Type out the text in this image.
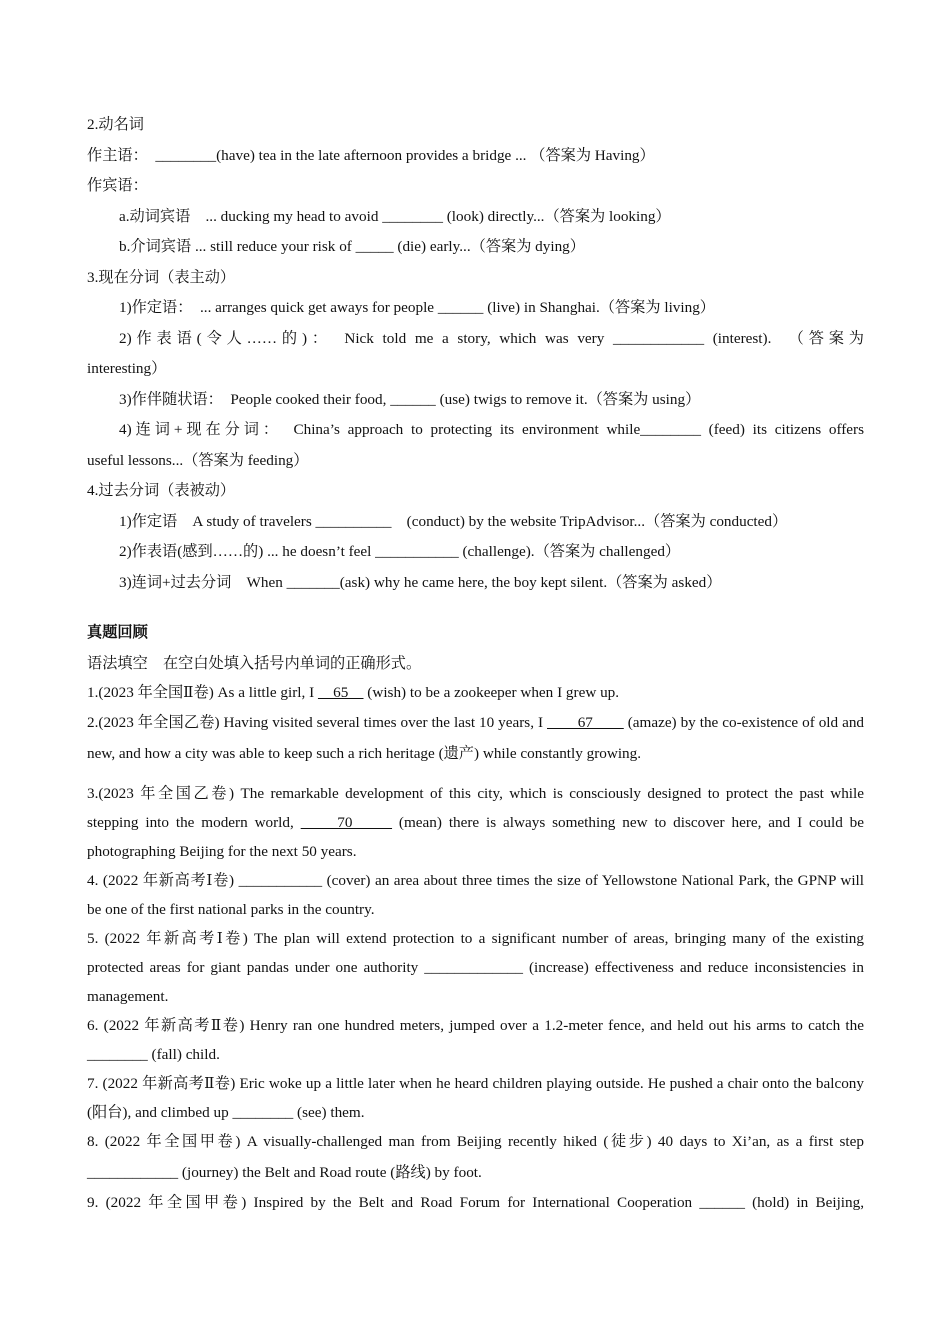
2.动名词
作主语：　________(have) tea in the late afternoon provides a bridge ... （答案为 Having）
作宾语：
a.动词宾语　... ducking my head to avoid ________ (look) directly...（答案为 looking）
b.介词宾语 ... still reduce your risk of _____ (die) early...（答案为 dying）
3.现在分词（表主动）
1)作定语：　... arranges quick get aways for people ______ (live) in Shanghai.（答案为 living）
2)作表语(令人……的)：　Nick told me a story, which was very ____________ (interest).　（答案为
interesting）
3)作伴随状语：　People cooked their food, ______ (use) twigs to remove it.（答案为 using）
4)连词+现在分词：　China’s approach to protecting its environment while________ (feed) its citizens offers
useful lessons...（答案为 feeding）
4.过去分词（表被动）
1)作定语　A study of travelers __________　(conduct) by the website TripAdvisor...（答案为 conducted）
2)作表语(感到……的) ... he doesn’t feel ___________ (challenge).（答案为 challenged）
3)连词+过去分词　When _______(ask) why he came here, the boy kept silent.（答案为 asked）
真题回顾
语法填空　在空白处填入括号内单词的正确形式。
1.(2023 年全国Ⅱ卷) As a little girl, I 　65　 (wish) to be a zookeeper when I grew up.
2.(2023 年全国乙卷) Having visited several times over the last 10 years, I 　　67　　 (amaze) by the co-existence of old and new, and how a city was able to keep such a rich heritage (遗产) while constantly growing.
3.(2023 年全国乙卷) The remarkable development of this city, which is consciously designed to protect the past while stepping into the modern world, 　　70　　 (mean) there is always something new to discover here, and I could be photographing Beijing for the next 50 years.
4. (2022 年新高考Ⅰ卷) ___________ (cover) an area about three times the size of Yellowstone National Park, the GPNP will be one of the first national parks in the country.
5. (2022 年新高考Ⅰ卷) The plan will extend protection to a significant number of areas, bringing many of the existing protected areas for giant pandas under one authority _____________ (increase) effectiveness and reduce inconsistencies in management.
6. (2022 年新高考Ⅱ卷) Henry ran one hundred meters, jumped over a 1.2-meter fence, and held out his arms to catch the ________ (fall) child.
7. (2022 年新高考Ⅱ卷) Eric woke up a little later when he heard children playing outside. He pushed a chair onto the balcony (阳台), and climbed up ________ (see) them.
8. (2022 年全国甲卷) A visually-challenged man from Beijing recently hiked (徒步) 40 days to Xi’an, as a first step ____________ (journey) the Belt and Road route (路线) by foot.
9. (2022 年全国甲卷) Inspired by the Belt and Road Forum for International Cooperation ______ (hold) in Beijing,
